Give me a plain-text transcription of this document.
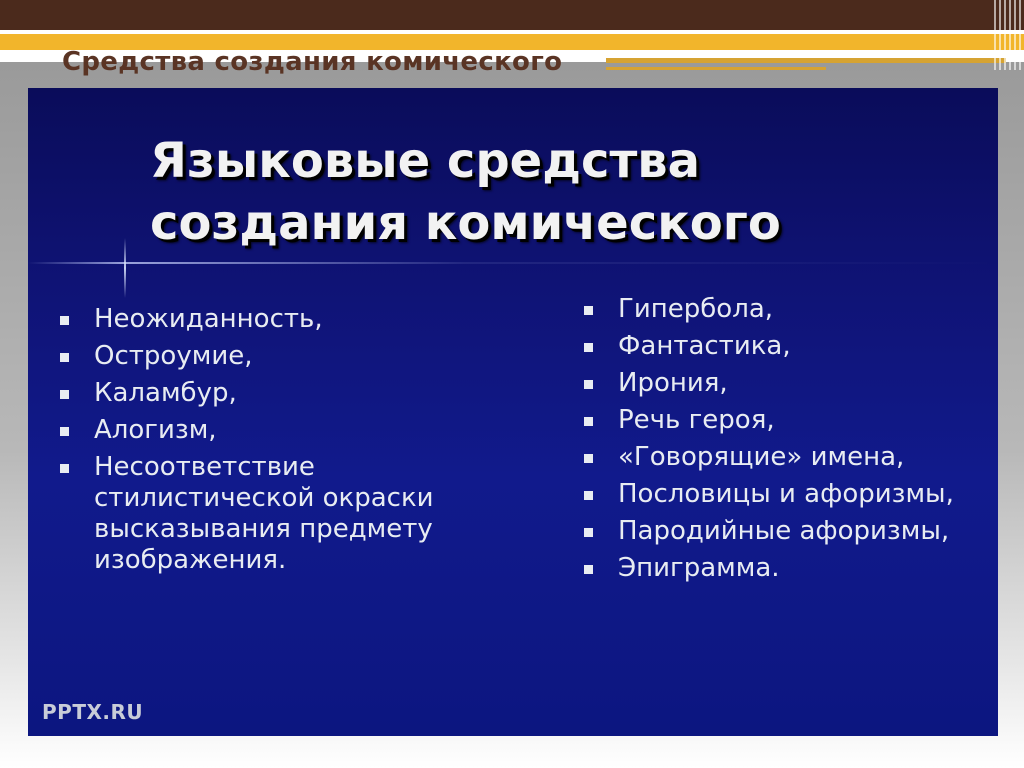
Средства создания комического
Языковые средства
создания комического
Неожиданность,
Остроумие,
Каламбур,
Алогизм,
Несоответствие стилистической окраски высказывания предмету изображения.
Гипербола,
Фантастика,
Ирония,
Речь героя,
«Говорящие» имена,
Пословицы и афоризмы,
Пародийные афоризмы,
Эпиграмма.
PPTX.RU
